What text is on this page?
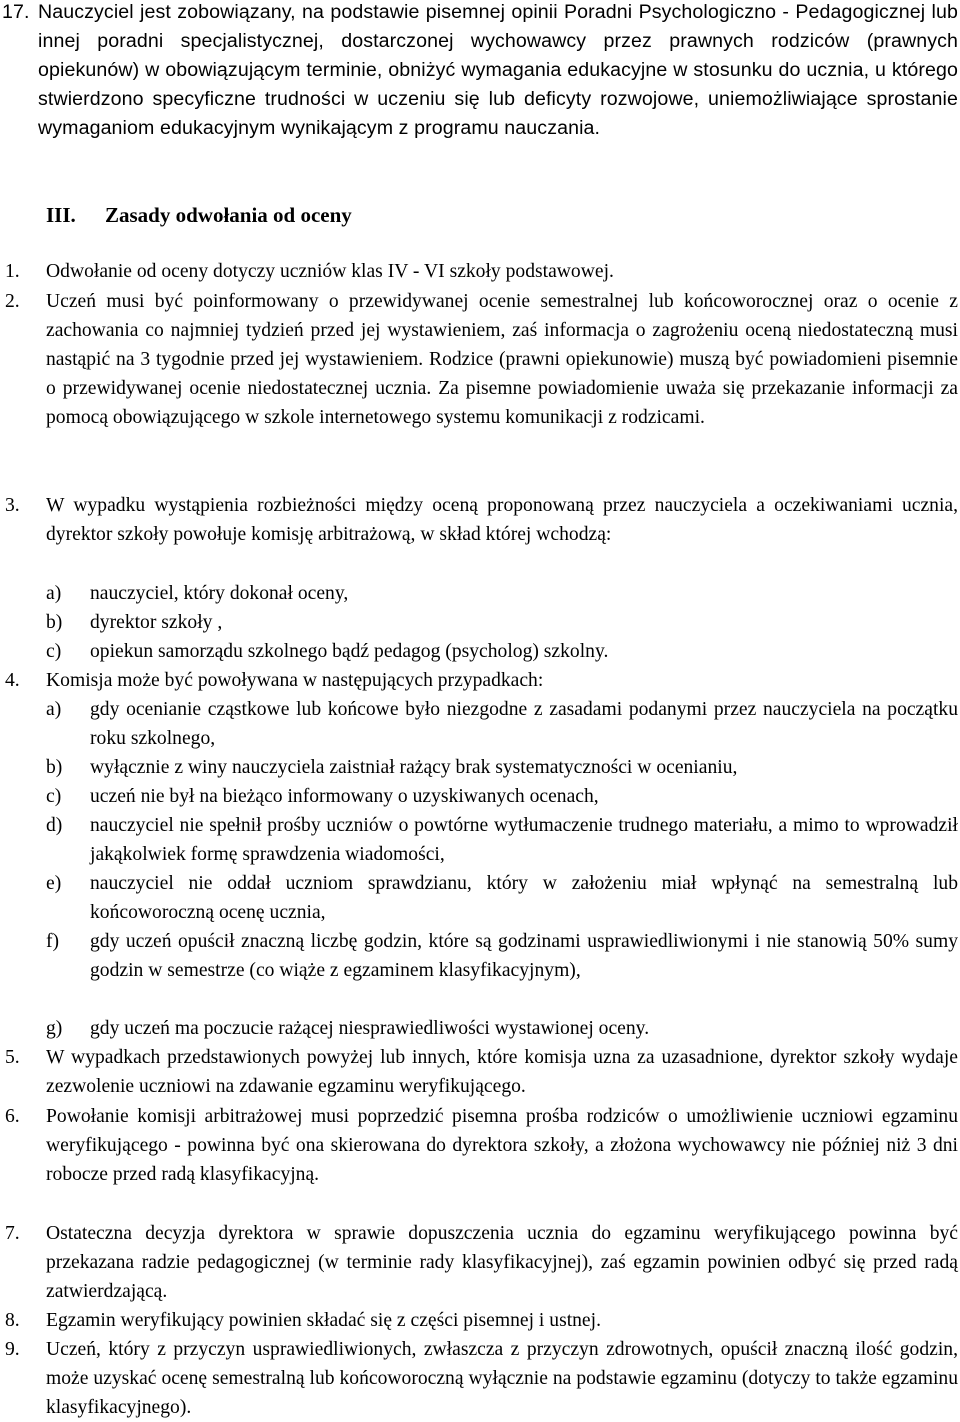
17. Nauczyciel jest zobowiązany, na podstawie pisemnej opinii Poradni Psychologiczno - Pedagogicznej lub innej poradni specjalistycznej, dostarczonej wychowawcy przez prawnych rodziców (prawnych opiekunów) w obowiązującym terminie, obniżyć wymagania edukacyjne w stosunku do ucznia, u którego stwierdzono specyficzne trudności w uczeniu się lub deficyty rozwojowe, uniemożliwiające sprostanie wymaganiom edukacyjnym wynikającym z programu nauczania.
III. Zasady odwołania od oceny
1. Odwołanie od oceny dotyczy uczniów klas IV - VI szkoły podstawowej.
2. Uczeń musi być poinformowany o przewidywanej ocenie semestralnej lub końcoworocznej oraz o ocenie z zachowania co najmniej tydzień przed jej wystawieniem, zaś informacja o zagrożeniu oceną niedostateczną musi nastąpić na 3 tygodnie przed jej wystawieniem. Rodzice (prawni opiekunowie) muszą być powiadomieni pisemnie o przewidywanej ocenie niedostatecznej ucznia. Za pisemne powiadomienie uważa się przekazanie informacji za pomocą obowiązującego w szkole internetowego systemu komunikacji z rodzicami.
3. W wypadku wystąpienia rozbieżności między oceną proponowaną przez nauczyciela a oczekiwaniami ucznia, dyrektor szkoły powołuje komisję arbitrażową, w skład której wchodzą:
a) nauczyciel, który dokonał oceny,
b) dyrektor szkoły ,
c) opiekun samorządu szkolnego bądź pedagog (psycholog) szkolny.
4. Komisja może być powoływana w następujących przypadkach:
a) gdy ocenianie cząstkowe lub końcowe było niezgodne z zasadami podanymi przez nauczyciela na początku roku szkolnego,
b) wyłącznie z winy nauczyciela zaistniał rażący brak systematyczności w ocenianiu,
c) uczeń nie był na bieżąco informowany o uzyskiwanych ocenach,
d) nauczyciel nie spełnił prośby uczniów o powtórne wytłumaczenie trudnego materiału, a mimo to wprowadził jakąkolwiek formę sprawdzenia wiadomości,
e) nauczyciel nie oddał uczniom sprawdzianu, który w założeniu miał wpłynąć na semestralną lub końcoworoczną ocenę ucznia,
f) gdy uczeń opuścił znaczną liczbę godzin, które są godzinami usprawiedliwionymi i nie stanowią 50% sumy godzin w semestrze (co wiąże z egzaminem klasyfikacyjnym),
g) gdy uczeń ma poczucie rażącej niesprawiedliwości wystawionej oceny.
5. W wypadkach przedstawionych powyżej lub innych, które komisja uzna za uzasadnione, dyrektor szkoły wydaje zezwolenie uczniowi na zdawanie egzaminu weryfikującego.
6. Powołanie komisji arbitrażowej musi poprzedzić pisemna prośba rodziców o umożliwienie uczniowi egzaminu weryfikującego - powinna być ona skierowana do dyrektora szkoły, a złożona wychowawcy nie później niż 3 dni robocze przed radą klasyfikacyjną.
7. Ostateczna decyzja dyrektora w sprawie dopuszczenia ucznia do egzaminu weryfikującego powinna być przekazana radzie pedagogicznej (w terminie rady klasyfikacyjnej), zaś egzamin powinien odbyć się przed radą zatwierdzającą.
8. Egzamin weryfikujący powinien składać się z części pisemnej i ustnej.
9. Uczeń, który z przyczyn usprawiedliwionych, zwłaszcza z przyczyn zdrowotnych, opuścił znaczną ilość godzin, może uzyskać ocenę semestralną lub końcoworoczną wyłącznie na podstawie egzaminu (dotyczy to także egzaminu klasyfikacyjnego).
